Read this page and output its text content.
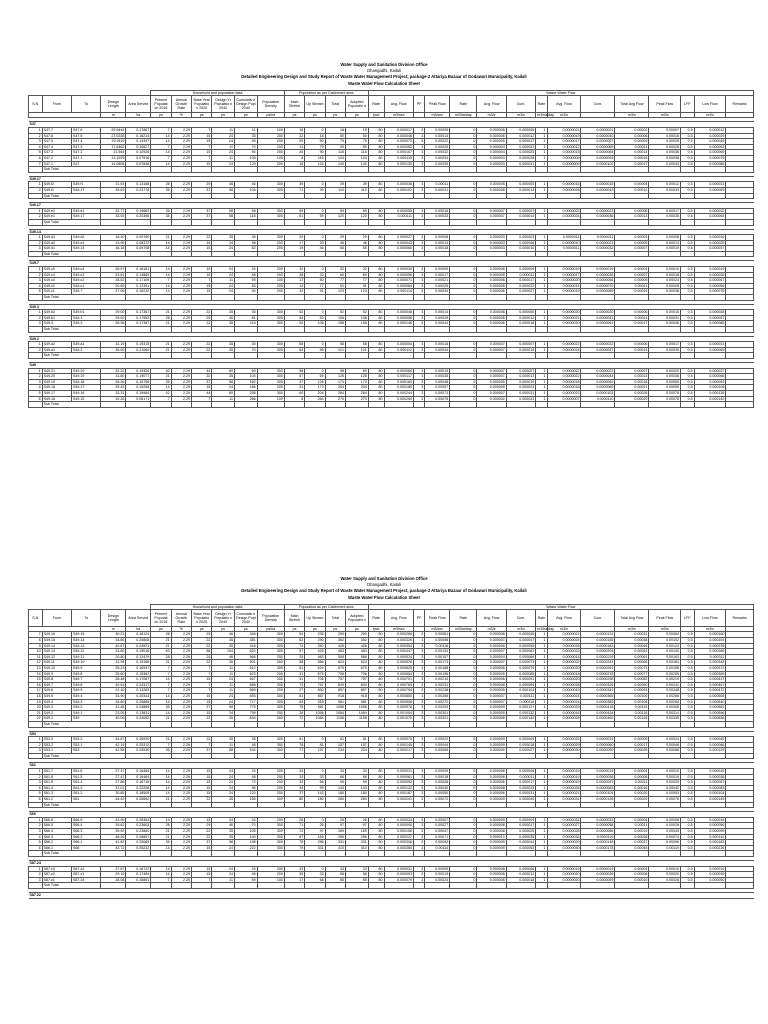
Water Supply and Sanitation Division Office
Dhangadhi, Kailali
Detailed Engineering Design and Study Report of Waste Water Management Project, package-2 Attariya Bazaar of Godawari Municipality, Kailali
Waste Water Flow Calculation Sheet
					Household and population data						Population as per Catchment area				Waste Water Flow														
S.N	From	To	Design Length	Area Served	Present Populati on 2018	Annual Growth Rate	Base Year Populatio n 2020	Design Yr Populatio n 2040	Cumulativ e Design Pupl 2040	Population Density	Main Stretch	Up Stream	Total	Adopted Populatio n	Rate	Avg. Flow	PF	Peak Flow	Rate	Avg. Flow	Cum.	Rate	Avg. Flow	Cum.	Total Avg Flow	Peak Flow	LFF	Low Flow	Remarks
			m	ha	ps	%	ps	ps	ps	ps/ha	ps	ps	ps	ps	lpcd	m3/sec		m3/sec	m3/ha/day	m3/s	m3/s	m3/ha/day	m3/s		m3/s	m3/s		m3/s	

S47																													
1	S47.7	S47.6	29.9444	0.17867	7	2.29	7	11	11	100	18	0	18	18	80	0.000017	3	0.00005	0	0.000006	0.000006	1	0.0000021	0.0000021	0.00002	0.00007	0.5	0.000012	
2	S47.6	S47.5	27.0228	0.16214	14	2.29	15	24	35	200	32	18	50	50	80	0.000046	3	0.00014	0	0.000006	0.000012	1	0.0000019	0.0000040	0.00006	0.00016	0.5	0.000029	
3	S47.5	S47.4	23.9119	0.14347	14	2.29	15	24	59	200	29	50	79	79	80	0.000073	3	0.00022	0	0.000005	0.000017	1	0.0000017	0.0000057	0.00009	0.00025	0.5	0.000045	
4	S47.4	S47.3	17.6462	0.10627	7	2.29	7	11	70	100	11	79	90	90	80	0.000083	3	0.00025	0	0.000004	0.000021	1	0.0000012	0.0000069	0.00011	0.00028	0.5	0.000053	
5	S47.3	S47.2	21.544	0.12926	14	2.29	15	24	94	200	26	90	116	116	80	0.000107	3	0.00032	0	0.000004	0.000025	1	0.0000015	0.0000084	0.00014	0.00036	0.5	0.000069	
6	S47.2	S47.1	13.1925	0.07916	7	2.29	7	11	105	100	8	116	124	124	80	0.000115	3	0.00034	0	0.000003	0.000028	1	0.0000009	0.0000093	0.00015	0.00038	0.5	0.000075	
7	S47.1	S47	14.0808	0.07848	14	2.29	15	24	129	200	16	124	140	140	80	0.000130	3	0.00039	0	0.000003	0.000031	1	0.0000009	0.0000102	0.00017	0.00043	0.5	0.000086	
	Sub Total																												

S49.17																													
1	S49.f2	S49.f1	21.93	0.13158	28	2.29	29	46	46	300	39	0	39	39	80	0.000036	3	0.00011	0	0.000005	0.000005	1	0.0000015	0.0000015	0.00004	0.00012	0.5	0.000021	
2	S49.f1	S49.17	39.63	0.23778	35	2.29	37	58	104	300	71	39	110	110	80	0.000102	3	0.00031	0	0.000008	0.000013	1	0.0000028	0.0000043	0.00012	0.00033	0.5	0.000059	
	Sub Total																												

S49.17																													
1	S49.e2	S49.e1	32.77	0.19662	35	2.29	37	58	58	300	59	0	59	59	80	0.000055	3	0.00016	0	0.000007	0.000007	1	0.0000023	0.0000023	0.00006	0.00017	0.5	0.000032	
2	S49.e1	S49.17	33.93	0.20359	35	2.29	37	58	116	300	61	59	120	120	80	0.000111	3	0.00033	0	0.000007	0.000014	1	0.0000024	0.0000046	0.00013	0.00035	0.5	0.000064	
	Sub Total																												

S49.14																													
1	S49.d3	S49.d2	16.30	0.09780	21	2.29	22	35	35	300	29	0	29	29	80	0.000027	3	0.00008	0	0.000003	0.000003	1	0.0000011	0.0000011	0.00003	0.00008	0.5	0.000016	
2	S49.d2	S49.d1	13.95	0.08372	14	2.29	15	24	58	200	17	29	46	46	80	0.000043	3	0.00013	0	0.000003	0.000006	1	0.0000010	0.0000021	0.00005	0.00013	0.5	0.000025	
3	S49.d1	S49.14	16.18	0.09708	14	2.29	15	24	82	200	19	46	65	65	80	0.000060	3	0.00018	0	0.000003	0.000010	1	0.0000011	0.0000032	0.00007	0.00019	0.5	0.000037	
	Sub Total																												

S49.7																													
1	S49.c5	S49.c4	26.97	0.16181	14	2.29	15	24	24	200	32	0	32	32	80	0.000030	3	0.00009	0	0.000006	0.000006	1	0.0000019	0.0000019	0.00004	0.00010	0.5	0.000019	
2	S49.c4	S49.c3	23.81	0.14889	14	2.29	15	24	48	200	28	32	60	60	80	0.000056	3	0.00017	0	0.000005	0.000011	1	0.0000017	0.0000036	0.00007	0.00018	0.5	0.000035	
3	S49.c3	S49.c2	28.52	0.17109	7	2.29	7	11	59	100	17	60	77	77	80	0.000071	3	0.00021	0	0.000006	0.000017	1	0.0000020	0.0000056	0.00009	0.00024	0.5	0.000047	
4	S49.c2	S49.c1	20.65	0.12391	14	2.29	15	24	83	200	14	77	91	91	80	0.000084	3	0.00025	0	0.000005	0.000022	1	0.0000014	0.0000070	0.00011	0.00028	0.5	0.000056	
5	S49.c1	S49.7	27.05	0.16232	14	2.29	15	24	94	200	32	91	123	123	80	0.000114	3	0.00034	0	0.000006	0.000027	1	0.0000019	0.0000089	0.00015	0.00038	0.5	0.000075	
	Sub Total																												

S49.3																													
1	S49.b2	S49.b1	29.00	0.17367	21	2.29	22	35	35	300	52	0	52	52	80	0.000048	3	0.00014	0	0.000006	0.000006	1	0.0000020	0.0000020	0.00006	0.00015	0.5	0.000028	
2	S49.b1	S49.3	29.92	0.17952	28	2.29	29	46	81	300	54	52	106	106	80	0.000098	3	0.00029	0	0.000006	0.000012	1	0.0000021	0.0000041	0.00011	0.00031	0.5	0.000057	
3	S49.3	S49.3	28.98	0.17387	21	2.29	22	35	116	300	52	106	158	158	80	0.000146	3	0.00044	0	0.000006	0.000018	1	0.0000020	0.0000061	0.00017	0.00046	0.5	0.000085	
	Sub Total																												

S49.2																													
1	S49.a2	S49.a1	32.19	0.19315	21	2.29	22	35	35	300	58	0	58	58	80	0.000054	3	0.00016	0	0.000007	0.000007	1	0.0000022	0.0000022	0.00006	0.00017	0.5	0.000031	
2	S49.a1	S49.2	35.00	0.21060	21	2.29	22	35	70	300	63	58	121	121	80	0.000112	3	0.00034	0	0.000007	0.000014	1	0.0000024	0.0000047	0.00013	0.00035	0.5	0.000065	
	Sub Total																												

S49																													
1	S49.21	S49.20	32.22	0.19334	42	2.29	44	69	69	300	58	0	58	69	80	0.000064	3	0.00019	0	0.000007	0.000007	1	0.0000022	0.0000022	0.00007	0.00020	0.5	0.000037	
2	S49.20	S49.19	31.80	0.19077	21	2.29	22	35	104	300	57	69	126	126	80	0.000117	3	0.00035	0	0.000007	0.000013	1	0.0000022	0.0000044	0.00013	0.00036	0.5	0.000068	
3	S49.19	S49.18	26.26	0.15756	35	2.29	37	58	162	300	47	126	173	173	80	0.000160	3	0.00048	0	0.000005	0.000019	1	0.0000018	0.0000062	0.00018	0.00050	0.5	0.000093	
4	S49.18	S49.17	25.43	0.15258	14	2.29	15	24	186	200	31	173	204	204	80	0.000189	3	0.00057	0	0.000005	0.000024	1	0.0000018	0.0000080	0.00021	0.00059	0.5	0.000108	
5	S49.17	S49.16	33.31	0.19984	42	2.29	44	69	255	300	60	204	264	264	80	0.000244	3	0.00073	0	0.000007	0.000031	1	0.0000023	0.0000103	0.00028	0.00076	0.5	0.000139	
6	S49.16	S49.15	10.28	0.06171	7	2.29	7	11	266	100	6	264	270	270	80	0.000250	3	0.00075	0	0.000002	0.000033	1	0.0000007	0.0000110	0.00029	0.00078	0.5	0.000142	
	Sub Total																												
Water Supply and Sanitation Division Office
Dhangadhi, Kailali
Detailed Engineering Design and Study Report of Waste Water Management Project, package-2 Attariya Bazaar of Godawari Municipality, Kailali
Waste Water Flow Calculation Sheet
					Household and population data						Population as per Catchment area				Waste Water Flow														
S.N	From	To	Design Length	Area Served	Present Populati on 2018	Annual Growth Rate	Base Year Populatio n 2020	Design Yr Populatio n 2040	Cumulativ e Design Pupl 2040	Population Density	Main Stretch	Up Stream	Total	Adopted Populatio n	Rate	Avg. Flow	PF	Peak Flow	Rate	Avg. Flow	Cum.	Rate	Avg. Flow	Cum.	Total Avg Flow	Peak Flow	LFF	Low Flow	Remarks
			m	ha	ps	%	ps	ps	ps	ps/ha	ps	ps	ps	ps	lpcd	m3/sec		m3/sec	m3/ha/day	m3/s	m3/s	m3/ha/day	m3/s		m3/s	m3/s		m3/s	
7	S49.16	S49.15	30.21	0.18124	28	2.29	29	46	346	300	54	236	290	290	80	0.000269	3	0.00081	0	0.000006	0.000040	1	0.0000021	0.0000131	0.00031	0.00084	0.5	0.000160	
8	S49.15	S49.14	34.66	0.20808	21	2.29	22	35	381	300	62	290	352	352	80	0.000326	3	0.00098	0	0.000007	0.000047	1	0.0000024	0.0000155	0.00038	0.00102	0.5	0.000194	
9	S49.14	S49.13	40.87	0.24521	21	2.29	22	35	416	300	74	352	426	426	80	0.000394	3	0.00118	0	0.000008	0.000055	1	0.0000028	0.0000183	0.00046	0.00124	0.5	0.000235	
10	S49.13	S49.12	31.80	0.19016	63	2.29	66	104	520	300	57	426	483	483	80	0.000447	3	0.00134	0	0.000007	0.000062	1	0.0000022	0.0000205	0.00052	0.00140	0.5	0.000266	
11	S49.12	S49.11	20.80	0.12479	28	2.29	29	46	566	200	25	483	508	566	80	0.000524	3	0.00157	0	0.000004	0.000066	1	0.0000014	0.0000219	0.00061	0.00163	0.5	0.000311	
12	S49.11	S49.10	31.94	0.19166	21	2.29	22	35	601	300	58	566	624	624	80	0.000578	3	0.00173	0	0.000007	0.000073	1	0.0000022	0.0000241	0.00068	0.00181	0.5	0.000343	
13	S49.10	S49.9	28.23	0.16937	7	2.29	7	11	612	300	51	624	675	675	80	0.000625	3	0.00188	0	0.000006	0.000079	1	0.0000020	0.0000261	0.00073	0.00196	0.5	0.000372	
14	S49.9	S49.8	25.60	0.15362	7	2.29	7	11	623	200	31	675	706	706	80	0.000654	3	0.00196	0	0.000005	0.000085	1	0.0000018	0.0000278	0.00077	0.00205	0.5	0.000389	
15	S49.8	S49.7	28.48	0.17087	14	2.29	15	24	647	300	51	706	757	757	80	0.000701	3	0.00210	0	0.000006	0.000091	1	0.0000020	0.0000298	0.00082	0.00219	0.5	0.000417	
16	S49.7	S49.6	40.53	0.24317	7	2.29	7	11	658	300	73	757	830	830	80	0.000769	3	0.00231	0	0.000008	0.000099	1	0.0000028	0.0000326	0.00090	0.00241	0.5	0.000457	
17	S49.6	S49.5	22.16	0.13283	7	2.29	7	11	669	200	27	830	857	857	80	0.000794	3	0.00238	0	0.000005	0.000104	1	0.0000015	0.0000341	0.00093	0.00248	0.5	0.000472	
18	S49.5	S49.4	33.90	0.20343	14	2.29	15	24	693	300	61	857	918	918	80	0.000850	3	0.00255	0	0.000007	0.000111	1	0.0000024	0.0000365	0.00100	0.00266	0.5	0.000505	
19	S49.4	S49.3	34.80	0.20885	14	2.29	15	24	717	300	63	918	981	981	80	0.000908	3	0.00272	0	0.000007	0.000118	1	0.0000024	0.0000389	0.00106	0.00284	0.5	0.000540	
20	S49.3	S49.2	41.48	0.24889	35	2.29	37	58	775	300	75	981	1056	1056	80	0.000978	3	0.00293	0	0.000009	0.000127	1	0.0000029	0.0000418	0.00115	0.00306	0.5	0.000581	
21	S49.2	S49.1	23.05	0.13831	14	2.29	15	24	799	200	28	1056	1084	1084	80	0.001004	3	0.00301	0	0.000005	0.000132	1	0.0000016	0.0000434	0.00118	0.00314	0.5	0.000596	
22	S49.1	S49	40.09	0.24052	21	2.29	22	35	834	300	72	1084	1156	1156	80	0.001070	3	0.00321	0	0.000008	0.000140	1	0.0000028	0.0000462	0.00126	0.00335	0.5	0.000636	
	Sub Total																												

S53																													
1	S53.3	S53.2	44.87	0.26920	21	2.29	22	35	35	300	81	0	81	81	80	0.000075	3	0.00022	0	0.000009	0.000009	1	0.0000031	0.0000031	0.00009	0.00024	0.5	0.000045	
2	S53.2	S53.1	42.19	0.25312	7	2.29	7	11	46	300	76	81	157	157	80	0.000145	3	0.00044	0	0.000009	0.000018	1	0.0000029	0.0000060	0.00017	0.00046	0.5	0.000086	
3	S53.1	S53	42.55	0.25530	35	2.29	37	58	104	300	77	157	234	234	80	0.000217	3	0.00065	0	0.000009	0.000027	1	0.0000030	0.0000090	0.00025	0.00068	0.5	0.000129	
	Sub Total																												

S61																													
1	S61.7	S61.6	27.47	0.16484	14	2.29	15	24	24	200	33	0	33	33	80	0.000031	3	0.00009	0	0.000006	0.000006	1	0.0000019	0.0000019	0.00004	0.00010	0.5	0.000019	
2	S61.6	S61.5	27.47	0.16484	14	2.29	15	24	48	200	33	33	66	66	80	0.000061	3	0.00018	0	0.000006	0.000011	1	0.0000019	0.0000038	0.00008	0.00019	0.5	0.000038	
3	S61.5	S61.4	27.86	0.16716	14	2.29	15	24	72	200	33	66	99	99	80	0.000092	3	0.00028	0	0.000006	0.000017	1	0.0000019	0.0000057	0.00011	0.00029	0.5	0.000057	
4	S61.4	S61.3	37.01	0.22206	14	2.29	15	24	96	200	44	99	143	143	80	0.000132	3	0.00040	0	0.000008	0.000025	1	0.0000026	0.0000083	0.00016	0.00042	0.5	0.000083	
5	S61.3	S61.2	30.85	0.18509	14	2.29	15	24	120	200	37	143	180	180	80	0.000167	3	0.00050	0	0.000006	0.000031	1	0.0000021	0.0000104	0.00020	0.00053	0.5	0.000104	
6	S61.2	S61	44.42	0.26652	21	2.29	22	35	155	300	80	180	260	260	80	0.000241	3	0.00072	0	0.000009	0.000040	1	0.0000031	0.0000135	0.00029	0.00076	0.5	0.000145	
	Sub Total																												

S66																													
1	S66.6	S66.5	43.99	0.26364	14	2.29	15	24	24	200	26	0	26	26	80	0.000024	3	0.00007	0	0.000009	0.000009	1	0.0000031	0.0000031	0.00004	0.00008	0.5	0.000018	
2	S66.5	S66.4	39.62	0.23603	28	2.29	29	46	70	300	71	26	97	97	80	0.000090	3	0.00027	0	0.000008	0.000017	1	0.0000027	0.0000058	0.00011	0.00028	0.5	0.000056	
3	S66.4	S66.3	39.92	0.23850	21	2.29	22	35	105	300	72	97	169	169	80	0.000156	3	0.00047	0	0.000008	0.000025	1	0.0000028	0.0000086	0.00019	0.00049	0.5	0.000095	
4	S66.3	S66.2	48.26	0.28857	21	2.29	22	35	140	300	87	169	256	256	80	0.000237	3	0.00071	0	0.000010	0.000035	1	0.0000033	0.0000119	0.00028	0.00074	0.5	0.000142	
5	S66.2	S66.1	41.82	0.25089	35	2.29	37	58	198	300	75	256	331	331	80	0.000306	3	0.00092	0	0.000009	0.000044	1	0.0000029	0.0000148	0.00037	0.00096	0.5	0.000183	
6	S66.1	S66	43.72	0.26232	14	2.29	15	24	222	300	79	331	410	410	80	0.000380	3	0.00114	0	0.000009	0.000053	1	0.0000030	0.0000178	0.00045	0.00119	0.5	0.000226	
	Sub Total																												

S87.24																													
1	S87.z3	S87.z2	27.87	0.16722	14	2.29	15	24	24	200	33	0	33	33	80	0.000031	3	0.00009	0	0.000006	0.000006	1	0.0000019	0.0000019	0.00004	0.00010	0.5	0.000019	
2	S87.z2	S87.z1	29.19	0.17484	14	2.29	15	24	48	200	35	33	68	68	80	0.000063	3	0.00019	0	0.000006	0.000012	1	0.0000020	0.0000039	0.00008	0.00020	0.5	0.000039	
3	S87.z1	S87.24	28.08	0.16851	7	2.29	7	11	59	100	17	68	85	85	80	0.000079	3	0.00024	0	0.000006	0.000018	1	0.0000020	0.0000059	0.00010	0.00026	0.5	0.000050	
	Sub Total																												

S87.22																													
